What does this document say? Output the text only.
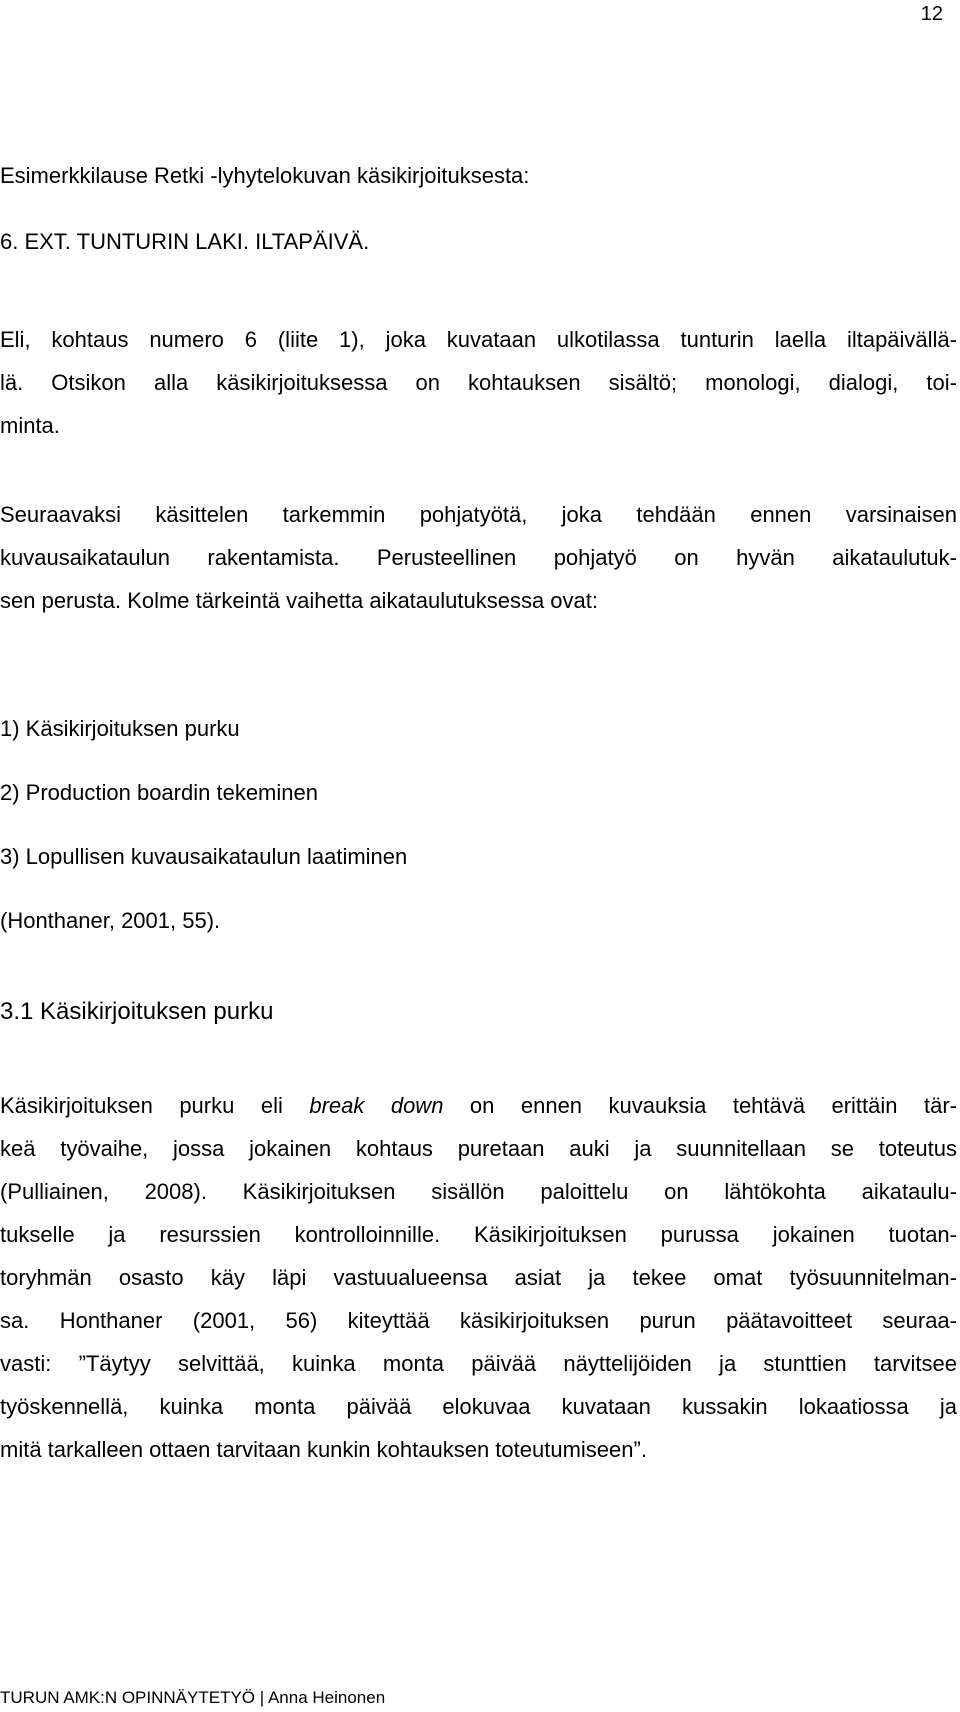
12
Esimerkkilause Retki -lyhytelokuvan käsikirjoituksesta:
6. EXT. TUNTURIN LAKI. ILTAPÄIVÄ.
Eli, kohtaus numero 6 (liite 1), joka kuvataan ulkotilassa tunturin laella iltapäivällä-
lä. Otsikon alla käsikirjoituksessa on kohtauksen sisältö; monologi, dialogi, toi-
minta.
Seuraavaksi käsittelen tarkemmin pohjatyötä, joka tehdään ennen varsinaisen
kuvausaikataulun rakentamista. Perusteellinen pohjatyö on hyvän aikataulutuk-
sen perusta. Kolme tärkeintä vaihetta aikataulutuksessa ovat:
1) Käsikirjoituksen purku
2) Production boardin tekeminen
3) Lopullisen kuvausaikataulun laatiminen
(Honthaner, 2001, 55).
3.1 Käsikirjoituksen purku
Käsikirjoituksen purku eli break down on ennen kuvauksia tehtävä erittäin tär-
keä työvaihe, jossa jokainen kohtaus puretaan auki ja suunnitellaan se toteutus
(Pulliainen, 2008). Käsikirjoituksen sisällön paloittelu on lähtökohta aikataulu-
tukselle ja resurssien kontrolloinnille. Käsikirjoituksen purussa jokainen tuotan-
toryhmän osasto käy läpi vastuualueensa asiat ja tekee omat työsuunnitelman-
sa. Honthaner (2001, 56) kiteyttää käsikirjoituksen purun päätavoitteet seuraa-
vasti: ”Täytyy selvittää, kuinka monta päivää näyttelijöiden ja stunttien tarvitsee
työskennellä, kuinka monta päivää elokuvaa kuvataan kussakin lokaatiossa ja
mitä tarkalleen ottaen tarvitaan kunkin kohtauksen toteutumiseen”.
TURUN AMK:N OPINNÄYTETYÖ | Anna Heinonen
